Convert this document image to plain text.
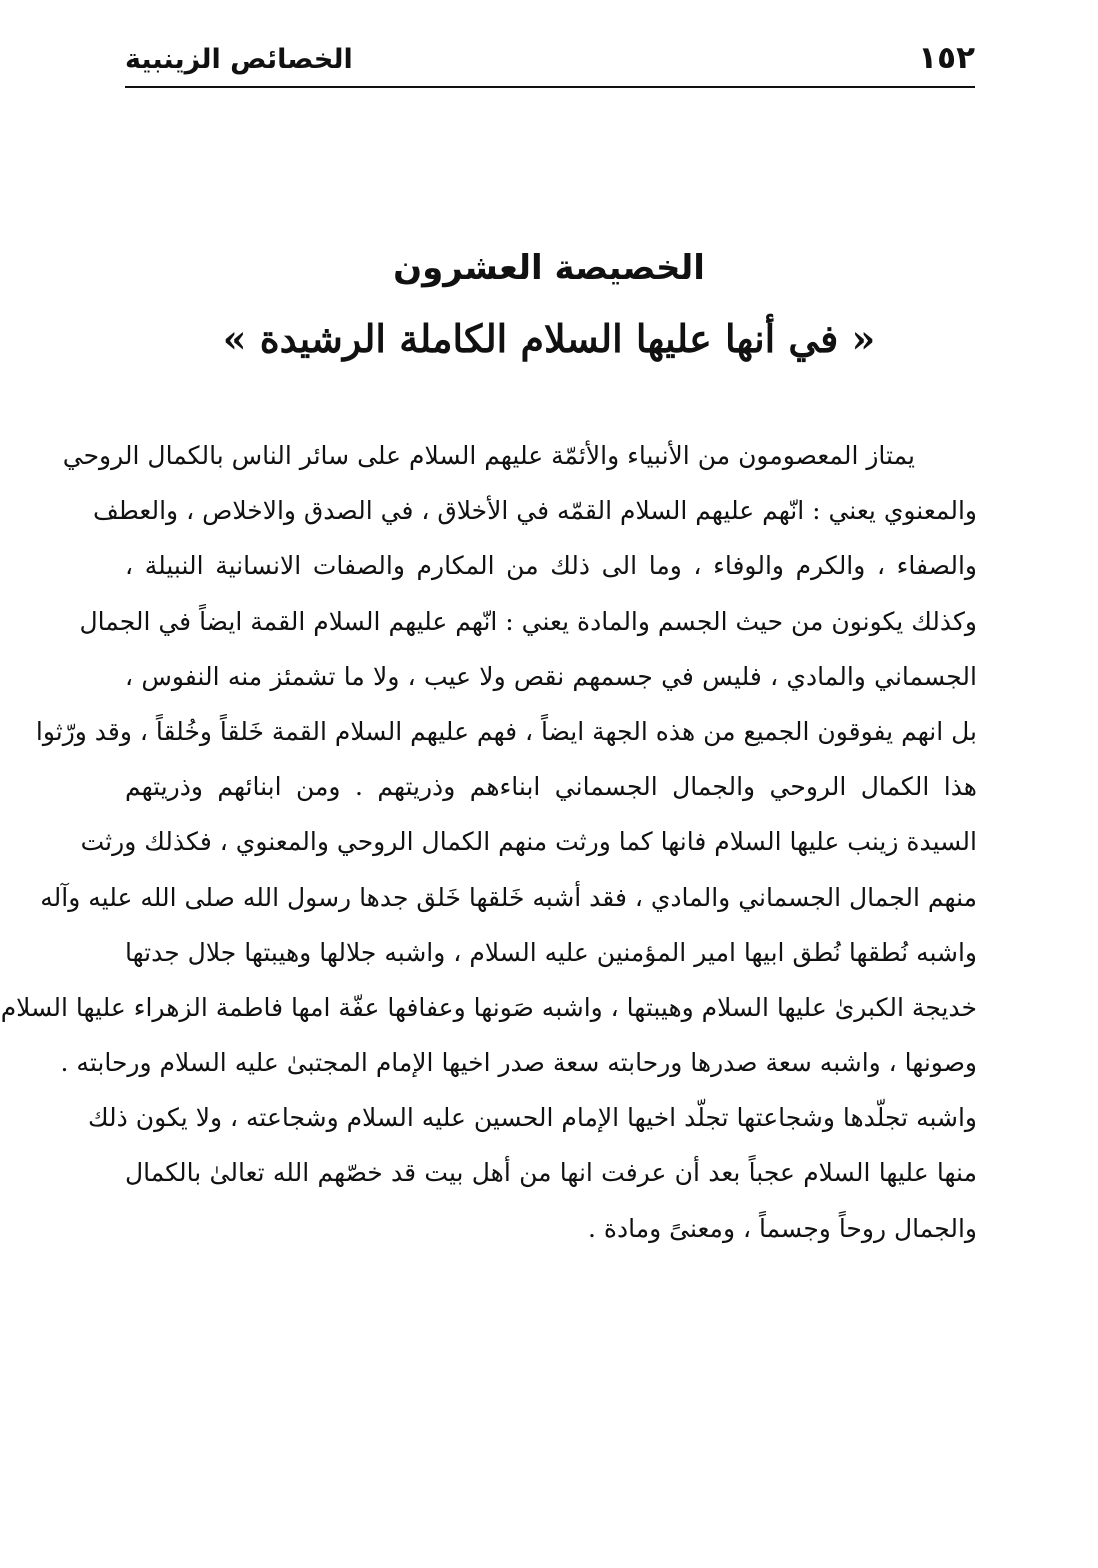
١٥٢
الخصائص الزينبية
الخصيصة العشرون
« في أنها عليها السلام الكاملة الرشيدة »
يمتاز المعصومون من الأنبياء والأئمّة عليهم السلام على سائر الناس بالكمال الروحي
والمعنوي يعني : انّهم عليهم السلام القمّه في الأخلاق ، في الصدق والاخلاص ، والعطف
والصفاء ، والكرم والوفاء ، وما الى ذلك من المكارم والصفات الانسانية النبيلة ،
وكذلك يكونون من حيث الجسم والمادة يعني : انّهم عليهم السلام القمة ايضاً في الجمال
الجسماني والمادي ، فليس في جسمهم نقص ولا عيب ، ولا ما تشمئز منه النفوس ،
بل انهم يفوقون الجميع من هذه الجهة ايضاً ، فهم عليهم السلام القمة خَلقاً وخُلقاً ، وقد ورّثوا
هذا الكمال الروحي والجمال الجسماني ابناءهم وذريتهم . ومن ابنائهم وذريتهم
السيدة زينب عليها السلام فانها كما ورثت منهم الكمال الروحي والمعنوي ، فكذلك ورثت
منهم الجمال الجسماني والمادي ، فقد أشبه خَلقها خَلق جدها رسول الله صلى الله عليه وآله
واشبه نُطقها نُطق ابيها امير المؤمنين عليه السلام ، واشبه جلالها وهيبتها جلال جدتها
خديجة الكبرىٰ عليها السلام وهيبتها ، واشبه صَونها وعفافها عفّة امها فاطمة الزهراء عليها السلام
وصونها ، واشبه سعة صدرها ورحابته سعة صدر اخيها الإمام المجتبىٰ عليه السلام ورحابته .
واشبه تجلّدها وشجاعتها تجلّد اخيها الإمام الحسين عليه السلام وشجاعته ، ولا يكون ذلك
منها عليها السلام عجباً بعد أن عرفت انها من أهل بيت قد خصّهم الله تعالىٰ بالكمال
والجمال روحاً وجسماً ، ومعنىً ومادة .
